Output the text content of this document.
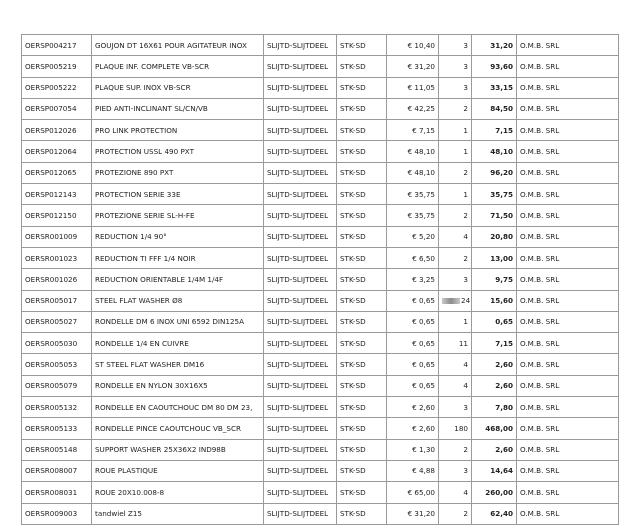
OERSP004217	GOUJON DT 16X61 POUR AGITATEUR INOX	SLIJTD-SLIJTDEEL	STK-SD	€ 10,40	3	31,20	O.M.B. SRL
OERSP005219	PLAQUE INF. COMPLETE VB-SCR	SLIJTD-SLIJTDEEL	STK-SD	€ 31,20	3	93,60	O.M.B. SRL
OERSP005222	PLAQUE SUP. INOX VB-SCR	SLIJTD-SLIJTDEEL	STK-SD	€ 11,05	3	33,15	O.M.B. SRL
OERSP007054	PIED ANTI-INCLINANT SL/CN/VB	SLIJTD-SLIJTDEEL	STK-SD	€ 42,25	2	84,50	O.M.B. SRL
OERSP012026	PRO LINK PROTECTION	SLIJTD-SLIJTDEEL	STK-SD	€ 7,15	1	7,15	O.M.B. SRL
OERSP012064	PROTECTION USSL 490 PXT	SLIJTD-SLIJTDEEL	STK-SD	€ 48,10	1	48,10	O.M.B. SRL
OERSP012065	PROTEZIONE 890 PXT	SLIJTD-SLIJTDEEL	STK-SD	€ 48,10	2	96,20	O.M.B. SRL
OERSP012143	PROTECTION SERIE 33E	SLIJTD-SLIJTDEEL	STK-SD	€ 35,75	1	35,75	O.M.B. SRL
OERSP012150	PROTEZIONE SERIE SL-H-FE	SLIJTD-SLIJTDEEL	STK-SD	€ 35,75	2	71,50	O.M.B. SRL
OERSR001009	REDUCTION 1/4 90°	SLIJTD-SLIJTDEEL	STK-SD	€ 5,20	4	20,80	O.M.B. SRL
OERSR001023	REDUCTION TI FFF 1/4 NOIR	SLIJTD-SLIJTDEEL	STK-SD	€ 6,50	2	13,00	O.M.B. SRL
OERSR001026	REDUCTION ORIENTABLE 1/4M 1/4F	SLIJTD-SLIJTDEEL	STK-SD	€ 3,25	3	9,75	O.M.B. SRL
OERSR005017	STEEL FLAT WASHER Ø8	SLIJTD-SLIJTDEEL	STK-SD	€ 0,65	24	15,60	O.M.B. SRL
OERSR005027	RONDELLE DM 6 INOX UNI 6592 DIN125A	SLIJTD-SLIJTDEEL	STK-SD	€ 0,65	1	0,65	O.M.B. SRL
OERSR005030	RONDELLE 1/4 EN CUIVRE	SLIJTD-SLIJTDEEL	STK-SD	€ 0,65	11	7,15	O.M.B. SRL
OERSR005053	ST STEEL FLAT WASHER DM16	SLIJTD-SLIJTDEEL	STK-SD	€ 0,65	4	2,60	O.M.B. SRL
OERSR005079	RONDELLE EN NYLON 30X16X5	SLIJTD-SLIJTDEEL	STK-SD	€ 0,65	4	2,60	O.M.B. SRL
OERSR005132	RONDELLE EN CAOUTCHOUC DM 80 DM 23,	SLIJTD-SLIJTDEEL	STK-SD	€ 2,60	3	7,80	O.M.B. SRL
OERSR005133	RONDELLE PINCE CAOUTCHOUC VB_SCR	SLIJTD-SLIJTDEEL	STK-SD	€ 2,60	180	468,00	O.M.B. SRL
OERSR005148	SUPPORT WASHER 25X36X2 IND98B	SLIJTD-SLIJTDEEL	STK-SD	€ 1,30	2	2,60	O.M.B. SRL
OERSR008007	ROUE PLASTIQUE	SLIJTD-SLIJTDEEL	STK-SD	€ 4,88	3	14,64	O.M.B. SRL
OERSR008031	ROUE 20X10.008-8	SLIJTD-SLIJTDEEL	STK-SD	€ 65,00	4	260,00	O.M.B. SRL
OERSR009003	tandwiel Z15	SLIJTD-SLIJTDEEL	STK-SD	€ 31,20	2	62,40	O.M.B. SRL
